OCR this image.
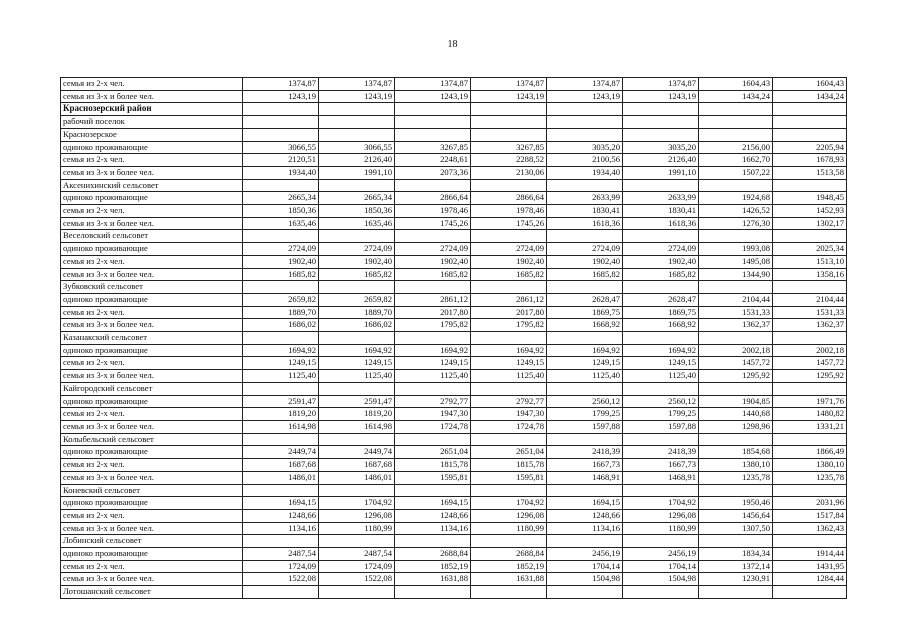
18
семья из 2-х чел.	1374,87	1374,87	1374,87	1374,87	1374,87	1374,87	1604,43	1604,43
семья из 3-х и более чел.	1243,19	1243,19	1243,19	1243,19	1243,19	1243,19	1434,24	1434,24
Краснозерский район								
рабочий поселок								
Краснозерское								
одиноко проживающие	3066,55	3066,55	3267,85	3267,85	3035,20	3035,20	2156,00	2205,94
семья из 2-х чел.	2120,51	2126,40	2248,61	2288,52	2100,56	2126,40	1662,70	1678,93
семья из 3-х и более чел.	1934,40	1991,10	2073,36	2130,06	1934,40	1991,10	1507,22	1513,58
Аксенихинский сельсовет								
одиноко проживающие	2665,34	2665,34	2866,64	2866,64	2633,99	2633,99	1924,68	1948,45
семья из 2-х чел.	1850,36	1850,36	1978,46	1978,46	1830,41	1830,41	1426,52	1452,93
семья из 3-х и более чел.	1635,46	1635,46	1745,26	1745,26	1618,36	1618,36	1276,30	1302,17
Веселовский сельсовет								
одиноко проживающие	2724,09	2724,09	2724,09	2724,09	2724,09	2724,09	1993,08	2025,34
семья из 2-х чел.	1902,40	1902,40	1902,40	1902,40	1902,40	1902,40	1495,08	1513,10
семья из 3-х и более чел.	1685,82	1685,82	1685,82	1685,82	1685,82	1685,82	1344,90	1358,16
Зубковский сельсовет								
одиноко проживающие	2659,82	2659,82	2861,12	2861,12	2628,47	2628,47	2104,44	2104,44
семья из 2-х чел.	1889,70	1889,70	2017,80	2017,80	1869,75	1869,75	1531,33	1531,33
семья из 3-х и более чел.	1686,02	1686,02	1795,82	1795,82	1668,92	1668,92	1362,37	1362,37
Казанакский сельсовет								
одиноко проживающие	1694,92	1694,92	1694,92	1694,92	1694,92	1694,92	2002,18	2002,18
семья из 2-х чел.	1249,15	1249,15	1249,15	1249,15	1249,15	1249,15	1457,72	1457,72
семья из 3-х и более чел.	1125,40	1125,40	1125,40	1125,40	1125,40	1125,40	1295,92	1295,92
Кайгородский сельсовет								
одиноко проживающие	2591,47	2591,47	2792,77	2792,77	2560,12	2560,12	1904,85	1971,76
семья из 2-х чел.	1819,20	1819,20	1947,30	1947,30	1799,25	1799,25	1440,68	1480,82
семья из 3-х и более чел.	1614,98	1614,98	1724,78	1724,78	1597,88	1597,88	1298,96	1331,21
Колыбельский сельсовет								
одиноко проживающие	2449,74	2449,74	2651,04	2651,04	2418,39	2418,39	1854,68	1866,49
семья из 2-х чел.	1687,68	1687,68	1815,78	1815,78	1667,73	1667,73	1380,10	1380,10
семья из 3-х и более чел.	1486,01	1486,01	1595,81	1595,81	1468,91	1468,91	1235,78	1235,78
Коневский сельсовет								
одиноко проживающие	1694,15	1704,92	1694,15	1704,92	1694,15	1704,92	1950,46	2031,96
семья из 2-х чел.	1248,66	1296,08	1248,66	1296,08	1248,66	1296,08	1456,64	1517,84
семья из 3-х и более чел.	1134,16	1180,99	1134,16	1180,99	1134,16	1180,99	1307,50	1362,43
Лобинский сельсовет								
одиноко проживающие	2487,54	2487,54	2688,84	2688,84	2456,19	2456,19	1834,34	1914,44
семья из 2-х чел.	1724,09	1724,09	1852,19	1852,19	1704,14	1704,14	1372,14	1431,95
семья из 3-х и более чел.	1522,08	1522,08	1631,88	1631,88	1504,98	1504,98	1230,91	1284,44
Лотошанский сельсовет								
